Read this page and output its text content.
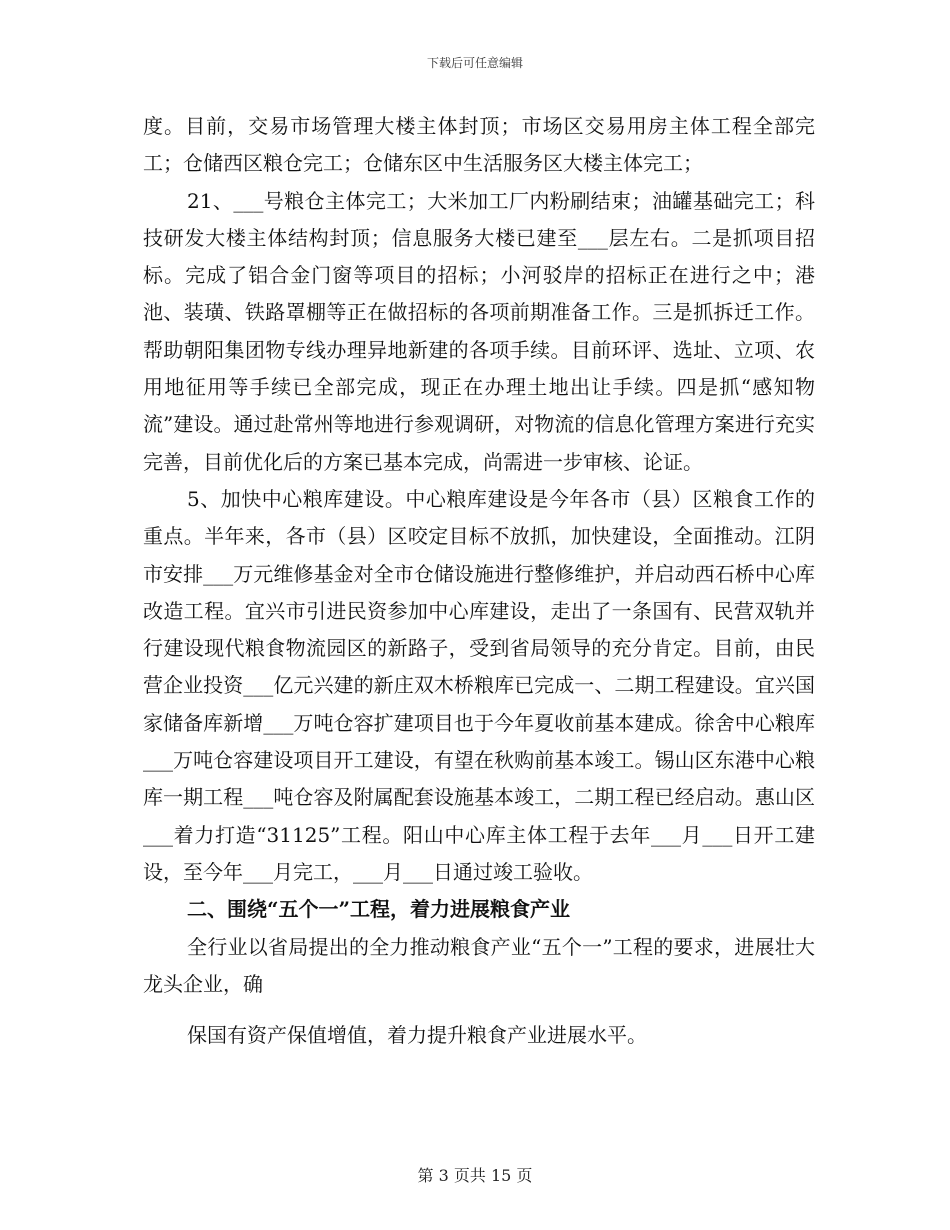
下载后可任意编辑

度。目前，交易市场管理大楼主体封顶；市场区交易用房主体工程全部完工；仓储西区粮仓完工；仓储东区中生活服务区大楼主体完工；

21、___号粮仓主体完工；大米加工厂内粉刷结束；油罐基础完工；科技研发大楼主体结构封顶；信息服务大楼已建至___层左右。二是抓项目招标。完成了铝合金门窗等项目的招标；小河驳岸的招标正在进行之中；港池、装璜、铁路罩棚等正在做招标的各项前期准备工作。三是抓拆迁工作。帮助朝阳集团物专线办理异地新建的各项手续。目前环评、选址、立项、农用地征用等手续已全部完成，现正在办理土地出让手续。四是抓“感知物流”建设。通过赴常州等地进行参观调研，对物流的信息化管理方案进行充实完善，目前优化后的方案已基本完成，尚需进一步审核、论证。

5、加快中心粮库建设。中心粮库建设是今年各市（县）区粮食工作的重点。半年来，各市（县）区咬定目标不放抓，加快建设，全面推动。江阴市安排___万元维修基金对全市仓储设施进行整修维护，并启动西石桥中心库改造工程。宜兴市引进民资参加中心库建设，走出了一条国有、民营双轨并行建设现代粮食物流园区的新路子，受到省局领导的充分肯定。目前，由民营企业投资___亿元兴建的新庄双木桥粮库已完成一、二期工程建设。宜兴国家储备库新增___万吨仓容扩建项目也于今年夏收前基本建成。徐舍中心粮库___万吨仓容建设项目开工建设，有望在秋购前基本竣工。锡山区东港中心粮库一期工程___吨仓容及附属配套设施基本竣工，二期工程已经启动。惠山区___着力打造“31125”工程。阳山中心库主体工程于去年___月___日开工建设，至今年___月完工，___月___日通过竣工验收。

二、围绕“五个一”工程，着力进展粮食产业

全行业以省局提出的全力推动粮食产业“五个一”工程的要求，进展壮大龙头企业，确

保国有资产保值增值，着力提升粮食产业进展水平。

第 3 页共 15 页
